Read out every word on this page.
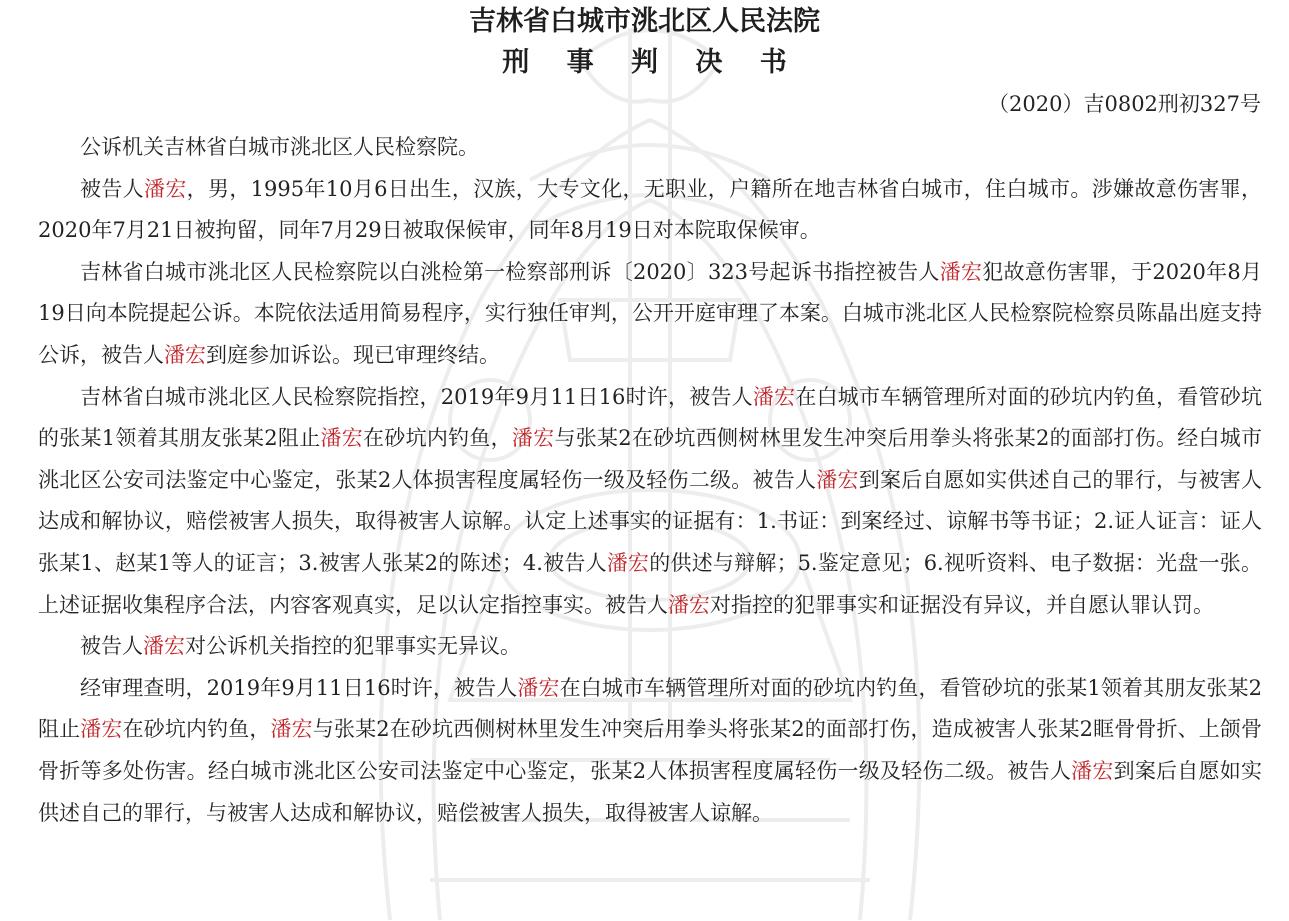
吉林省白城市洮北区人民法院
刑 事 判 决 书
（2020）吉0802刑初327号

公诉机关吉林省白城市洮北区人民检察院。

被告人潘宏，男，1995年10月6日出生，汉族，大专文化，无职业，户籍所在地吉林省白城市，住白城市。涉嫌故意伤害罪，2020年7月21日被拘留，同年7月29日被取保候审，同年8月19日对本院取保候审。

吉林省白城市洮北区人民检察院以白洮检第一检察部刑诉〔2020〕323号起诉书指控被告人潘宏犯故意伤害罪，于2020年8月19日向本院提起公诉。本院依法适用简易程序，实行独任审判，公开开庭审理了本案。白城市洮北区人民检察院检察员陈晶出庭支持公诉，被告人潘宏到庭参加诉讼。现已审理终结。

吉林省白城市洮北区人民检察院指控，2019年9月11日16时许，被告人潘宏在白城市车辆管理所对面的砂坑内钓鱼，看管砂坑的张某1领着其朋友张某2阻止潘宏在砂坑内钓鱼，潘宏与张某2在砂坑西侧树林里发生冲突后用拳头将张某2的面部打伤。经白城市洮北区公安司法鉴定中心鉴定，张某2人体损害程度属轻伤一级及轻伤二级。被告人潘宏到案后自愿如实供述自己的罪行，与被害人达成和解协议，赔偿被害人损失，取得被害人谅解。认定上述事实的证据有：1.书证：到案经过、谅解书等书证；2.证人证言：证人张某1、赵某1等人的证言；3.被害人张某2的陈述；4.被告人潘宏的供述与辩解；5.鉴定意见；6.视听资料、电子数据：光盘一张。上述证据收集程序合法，内容客观真实，足以认定指控事实。被告人潘宏对指控的犯罪事实和证据没有异议，并自愿认罪认罚。

被告人潘宏对公诉机关指控的犯罪事实无异议。

经审理查明，2019年9月11日16时许，被告人潘宏在白城市车辆管理所对面的砂坑内钓鱼，看管砂坑的张某1领着其朋友张某2阻止潘宏在砂坑内钓鱼，潘宏与张某2在砂坑西侧树林里发生冲突后用拳头将张某2的面部打伤，造成被害人张某2眶骨骨折、上颌骨骨折等多处伤害。经白城市洮北区公安司法鉴定中心鉴定，张某2人体损害程度属轻伤一级及轻伤二级。被告人潘宏到案后自愿如实供述自己的罪行，与被害人达成和解协议，赔偿被害人损失，取得被害人谅解。
